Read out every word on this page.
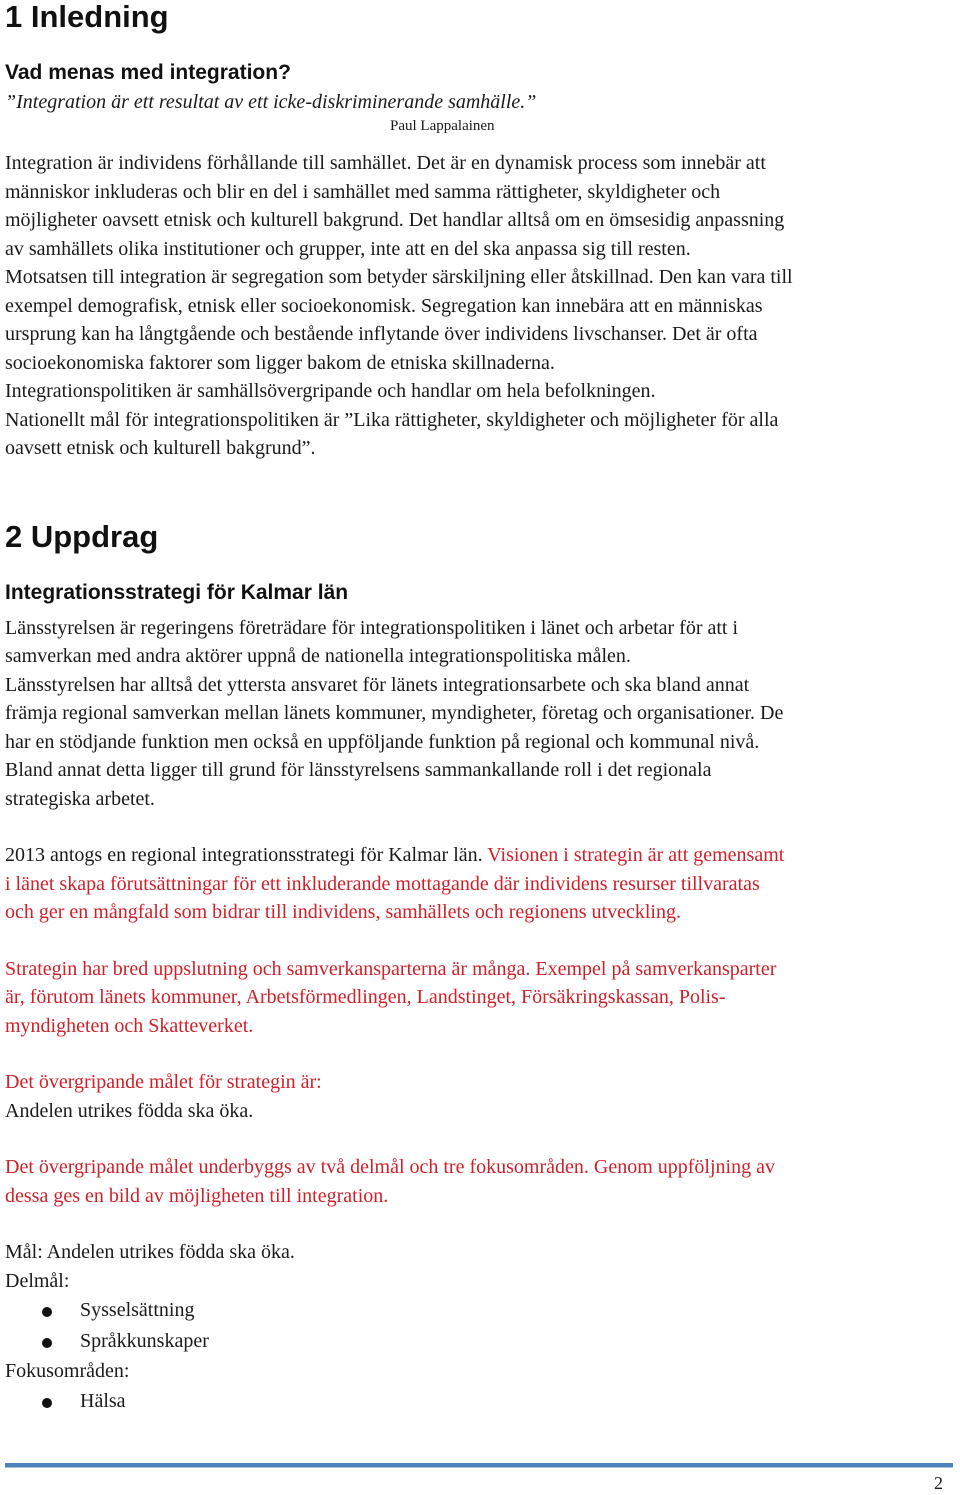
1 Inledning
Vad menas med integration?

”Integration är ett resultat av ett icke-diskriminerande samhälle.”

Paul Lappalainen

Integration är individens förhållande till samhället. Det är en dynamisk process som innebär att

människor inkluderas och blir en del i samhället med samma rättigheter, skyldigheter och

möjligheter oavsett etnisk och kulturell bakgrund. Det handlar alltså om en ömsesidig anpassning

av samhällets olika institutioner och grupper, inte att en del ska anpassa sig till resten.

Motsatsen till integration är segregation som betyder särskiljning eller åtskillnad. Den kan vara till

exempel demografisk, etnisk eller socioekonomisk. Segregation kan innebära att en människas

ursprung kan ha långtgående och bestående inflytande över individens livschanser. Det är ofta

socioekonomiska faktorer som ligger bakom de etniska skillnaderna.

Integrationspolitiken är samhällsövergripande och handlar om hela befolkningen.

Nationellt mål för integrationspolitiken är ”Lika rättigheter, skyldigheter och möjligheter för alla

oavsett etnisk och kulturell bakgrund”.

2 Uppdrag
Integrationsstrategi för Kalmar län

Länsstyrelsen är regeringens företrädare för integrationspolitiken i länet och arbetar för att i

samverkan med andra aktörer uppnå de nationella integrationspolitiska målen.

Länsstyrelsen har alltså det yttersta ansvaret för länets integrationsarbete och ska bland annat

främja regional samverkan mellan länets kommuner, myndigheter, företag och organisationer. De

har en stödjande funktion men också en uppföljande funktion på regional och kommunal nivå.

Bland annat detta ligger till grund för länsstyrelsens sammankallande roll i det regionala

strategiska arbetet.

2013 antogs en regional integrationsstrategi för Kalmar län. Visionen i strategin är att gemensamt

i länet skapa förutsättningar för ett inkluderande mottagande där individens resurser tillvaratas

och ger en mångfald som bidrar till individens, samhällets och regionens utveckling.

Strategin har bred uppslutning och samverkansparterna är många. Exempel på samverkansparter

är, förutom länets kommuner, Arbetsförmedlingen, Landstinget, Försäkringskassan, Polis-

myndigheten och Skatteverket.

Det övergripande målet för strategin är:

Andelen utrikes födda ska öka.

Det övergripande målet underbyggs av två delmål och tre fokusområden. Genom uppföljning av

dessa ges en bild av möjligheten till integration.

Mål: Andelen utrikes födda ska öka.

Delmål:

Sysselsättning
Språkkunskaper

Fokusområden:

Hälsa
2
